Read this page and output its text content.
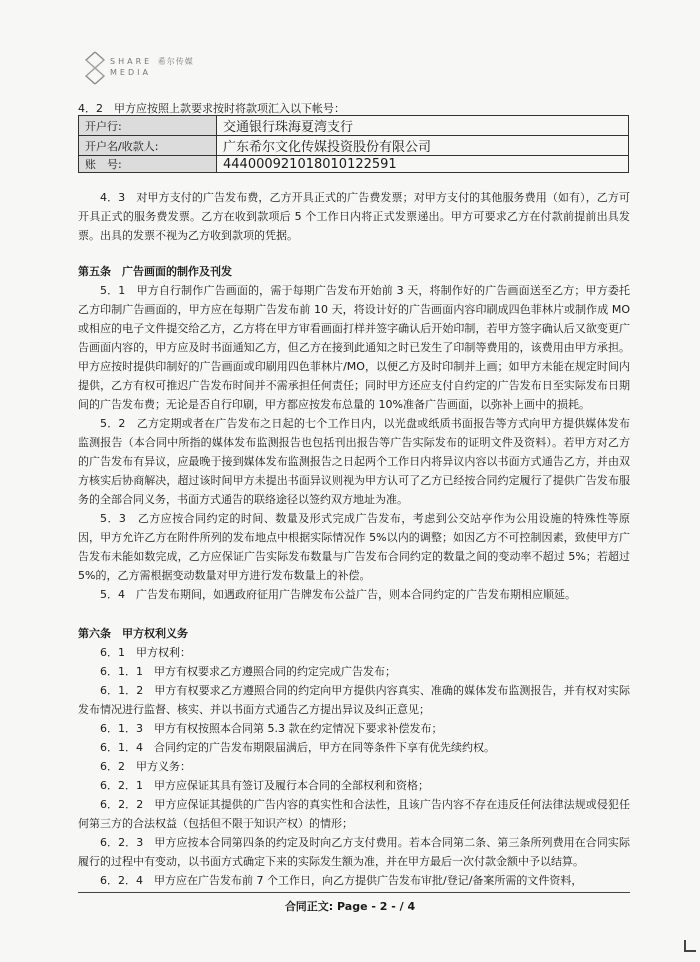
SHARE 希尔传媒
MEDIA
4．2　甲方应按照上款要求按时将款项汇入以下帐号：
开户行:	交通银行珠海夏湾支行
开户名/收款人:	广东希尔文化传媒投资股份有限公司
账　号:	444000921018010122591

4．3　对甲方支付的广告发布费，乙方开具正式的广告费发票；对甲方支付的其他服务费用（如有），乙方可开具正式的服务费发票。乙方在收到款项后 5 个工作日内将正式发票递出。甲方可要求乙方在付款前提前出具发票。出具的发票不视为乙方收到款项的凭据。

第五条　广告画面的制作及刊发

5．1　甲方自行制作广告画面的，需于每期广告发布开始前 3 天，将制作好的广告画面送至乙方；甲方委托乙方印制广告画面的，甲方应在每期广告发布前 10 天，将设计好的广告画面内容印刷成四色菲林片或制作成 MO 或相应的电子文件提交给乙方，乙方将在甲方审看画面打样并签字确认后开始印制，若甲方签字确认后又欲变更广告画面内容的，甲方应及时书面通知乙方，但乙方在接到此通知之时已发生了印制等费用的，该费用由甲方承担。甲方应按时提供印制好的广告画面或印刷用四色菲林片/MO，以便乙方及时印制并上画；如甲方未能在规定时间内提供，乙方有权可推迟广告发布时间并不需承担任何责任；同时甲方还应支付自约定的广告发布日至实际发布日期间的广告发布费；无论是否自行印刷，甲方都应按发布总量的 10%准备广告画面，以弥补上画中的损耗。

5．2　乙方定期或者在广告发布之日起的七个工作日内，以光盘或纸质书面报告等方式向甲方提供媒体发布监测报告（本合同中所指的媒体发布监测报告也包括刊出报告等广告实际发布的证明文件及资料）。若甲方对乙方的广告发布有异议，应最晚于接到媒体发布监测报告之日起两个工作日内将异议内容以书面方式通告乙方，并由双方核实后协商解决，超过该时间甲方未提出书面异议则视为甲方认可了乙方已经按合同约定履行了提供广告发布服务的全部合同义务，书面方式通告的联络途径以签约双方地址为准。

5．3　乙方应按合同约定的时间、数量及形式完成广告发布，考虑到公交站亭作为公用设施的特殊性等原因，甲方允许乙方在附件所列的发布地点中根据实际情况作 5%以内的调整；如因乙方不可控制因素，致使甲方广告发布未能如数完成，乙方应保证广告实际发布数量与广告发布合同约定的数量之间的变动率不超过 5%；若超过 5%的，乙方需根据变动数量对甲方进行发布数量上的补偿。

5．4　广告发布期间，如遇政府征用广告牌发布公益广告，则本合同约定的广告发布期相应顺延。

第六条　甲方权利义务

6．1　甲方权利：

6．1．1　甲方有权要求乙方遵照合同的约定完成广告发布；

6．1．2　甲方有权要求乙方遵照合同的约定向甲方提供内容真实、准确的媒体发布监测报告，并有权对实际发布情况进行监督、核实、并以书面方式通告乙方提出异议及纠正意见；

6．1．3　甲方有权按照本合同第 5.3 款在约定情况下要求补偿发布；

6．1．4　合同约定的广告发布期限届满后，甲方在同等条件下享有优先续约权。

6．2　甲方义务：

6．2．1　甲方应保证其具有签订及履行本合同的全部权利和资格；

6．2．2　甲方应保证其提供的广告内容的真实性和合法性，且该广告内容不存在违反任何法律法规或侵犯任何第三方的合法权益（包括但不限于知识产权）的情形；

6．2．3　甲方应按本合同第四条的约定及时向乙方支付费用。若本合同第二条、第三条所列费用在合同实际履行的过程中有变动，以书面方式确定下来的实际发生额为准，并在甲方最后一次付款金额中予以结算。

6．2．4　甲方应在广告发布前 7 个工作日，向乙方提供广告发布审批/登记/备案所需的文件资料，

合同正文: Page - 2 - / 4
